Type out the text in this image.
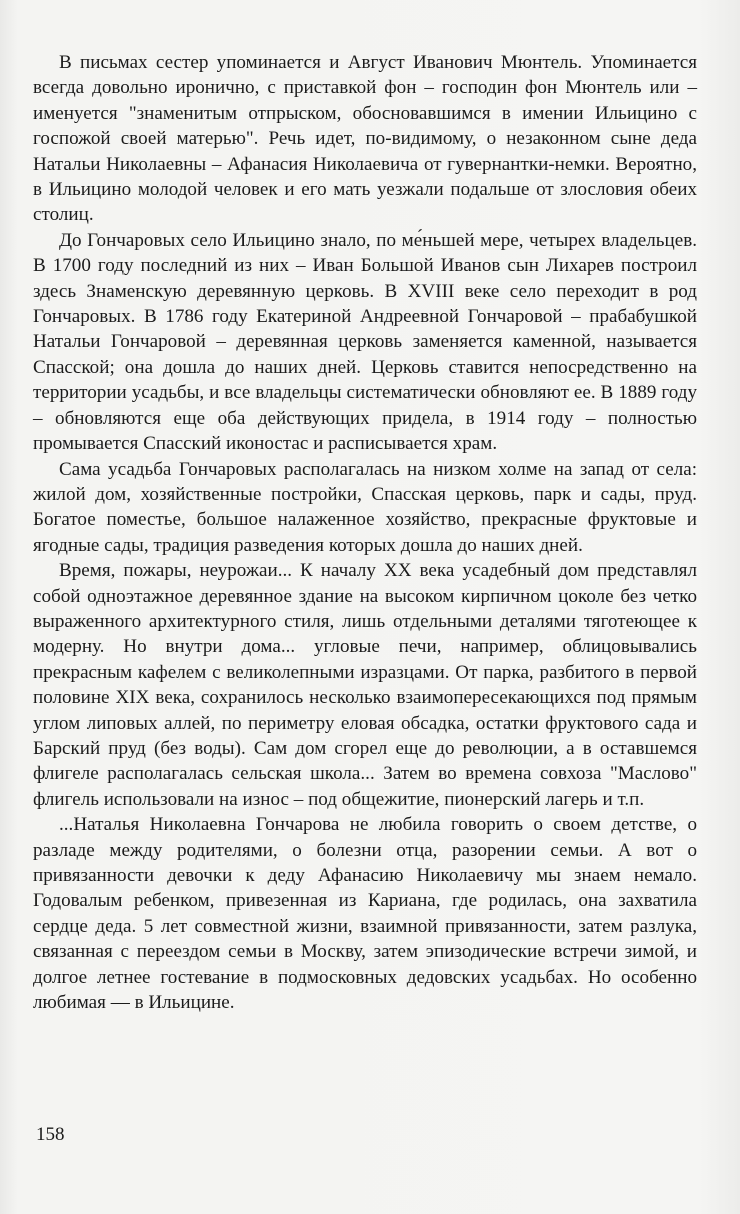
В письмах сестер упоминается и Август Иванович Мюнтель. Упоминается всегда довольно иронично, с приставкой фон – господин фон Мюнтель или – именуется "знаменитым отпрыском, обосновавшимся в имении Ильицино с госпожой своей матерью". Речь идет, по-видимому, о незаконном сыне деда Натальи Николаевны – Афанасия Николаевича от гувернантки-немки. Вероятно, в Ильицино молодой человек и его мать уезжали подальше от злословия обеих столиц.

До Гончаровых село Ильицино знало, по ме́ньшей мере, четырех владельцев. В 1700 году последний из них – Иван Большой Иванов сын Лихарев построил здесь Знаменскую деревянную церковь. В XVIII веке село переходит в род Гончаровых. В 1786 году Екатериной Андреевной Гончаровой – прабабушкой Натальи Гончаровой – деревянная церковь заменяется каменной, называется Спасской; она дошла до наших дней. Церковь ставится непосредственно на территории усадьбы, и все владельцы систематически обновляют ее. В 1889 году – обновляются еще оба действующих придела, в 1914 году – полностью промывается Спасский иконостас и расписывается храм.

Сама усадьба Гончаровых располагалась на низком холме на запад от села: жилой дом, хозяйственные постройки, Спасская церковь, парк и сады, пруд. Богатое поместье, большое налаженное хозяйство, прекрасные фруктовые и ягодные сады, традиция разведения которых дошла до наших дней.

Время, пожары, неурожаи... К началу XX века усадебный дом представлял собой одноэтажное деревянное здание на высоком кирпичном цоколе без четко выраженного архитектурного стиля, лишь отдельными деталями тяготеющее к модерну. Но внутри дома... угловые печи, например, облицовывались прекрасным кафелем с великолепными изразцами. От парка, разбитого в первой половине XIX века, сохранилось несколько взаимопересекающихся под прямым углом липовых аллей, по периметру еловая обсадка, остатки фруктового сада и Барский пруд (без воды). Сам дом сгорел еще до революции, а в оставшемся флигеле располагалась сельская школа... Затем во времена совхоза "Маслово" флигель использовали на износ – под общежитие, пионерский лагерь и т.п.

...Наталья Николаевна Гончарова не любила говорить о своем детстве, о разладе между родителями, о болезни отца, разорении семьи. А вот о привязанности девочки к деду Афанасию Николаевичу мы знаем немало. Годовалым ребенком, привезенная из Кариана, где родилась, она захватила сердце деда. 5 лет совместной жизни, взаимной привязанности, затем разлука, связанная с переездом семьи в Москву, затем эпизодические встречи зимой, и долгое летнее гостевание в подмосковных дедовских усадьбах. Но особенно любимая — в Ильицине.

158
